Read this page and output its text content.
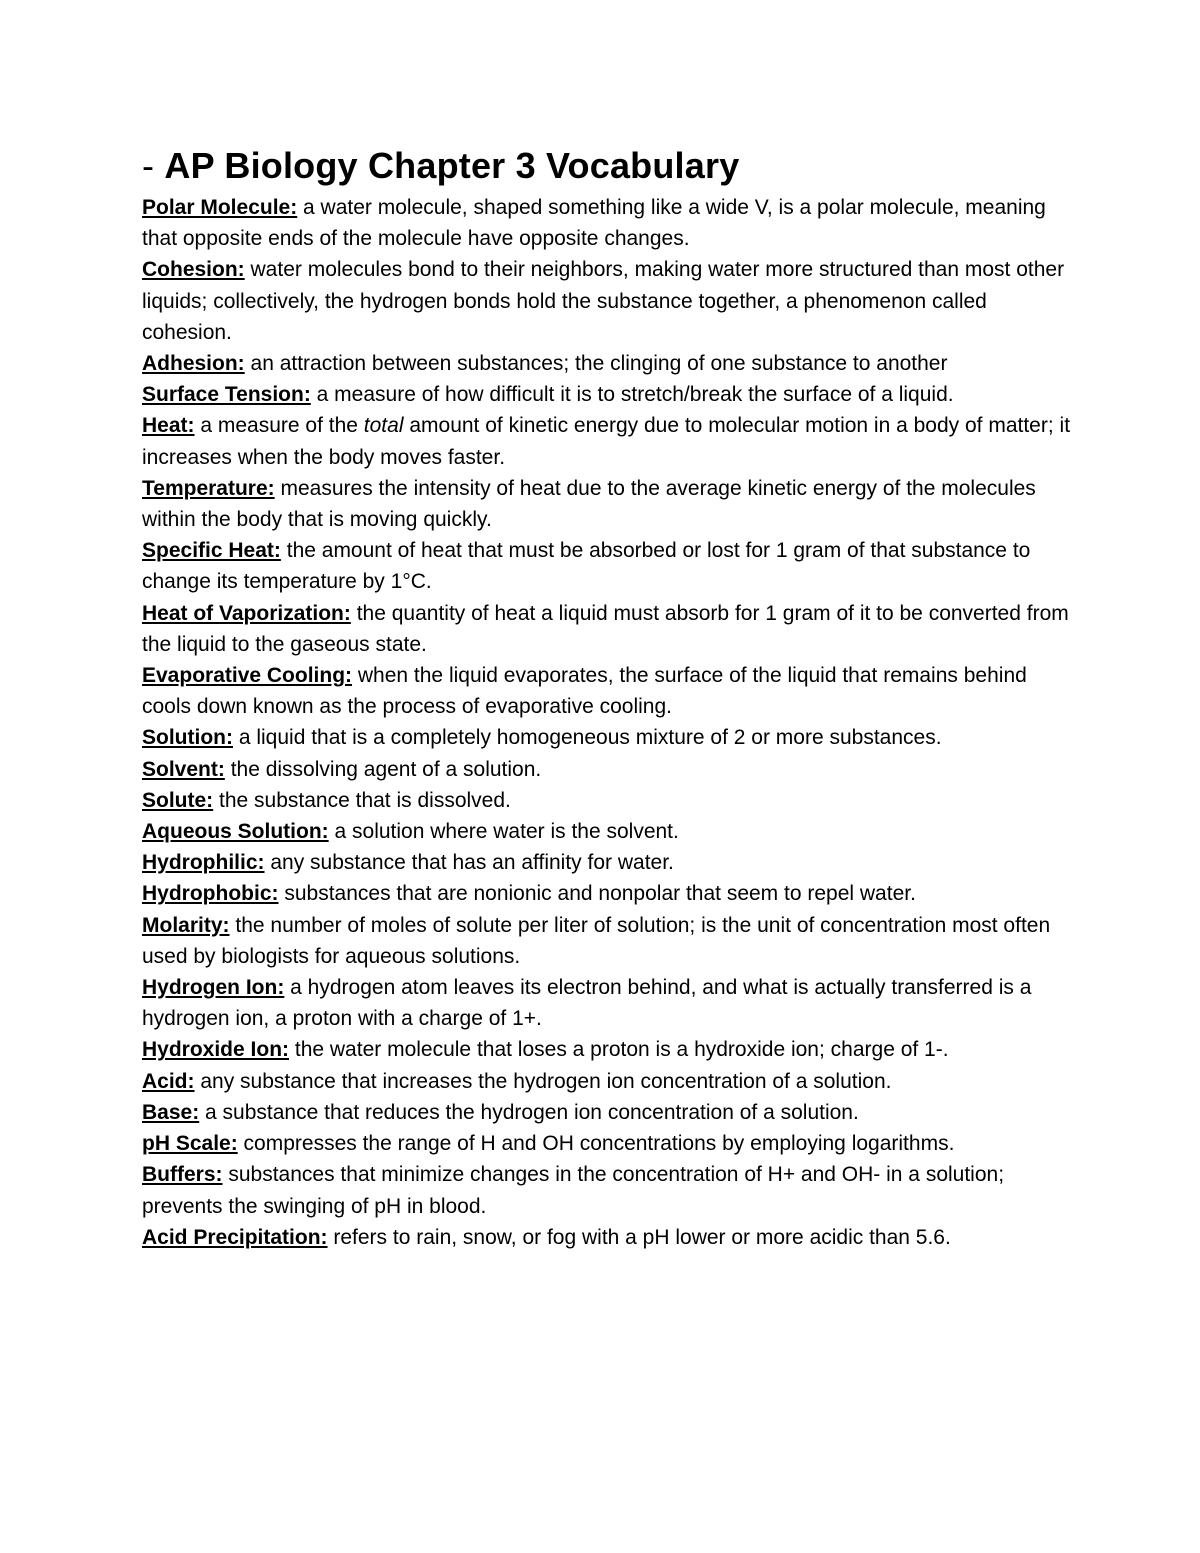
- AP Biology Chapter 3 Vocabulary

Polar Molecule: a water molecule, shaped something like a wide V, is a polar molecule, meaning that opposite ends of the molecule have opposite changes.

Cohesion: water molecules bond to their neighbors, making water more structured than most other liquids; collectively, the hydrogen bonds hold the substance together, a phenomenon called cohesion.

Adhesion: an attraction between substances; the clinging of one substance to another

Surface Tension: a measure of how difficult it is to stretch/break the surface of a liquid.

Heat: a measure of the total amount of kinetic energy due to molecular motion in a body of matter; it increases when the body moves faster.

Temperature: measures the intensity of heat due to the average kinetic energy of the molecules within the body that is moving quickly.

Specific Heat: the amount of heat that must be absorbed or lost for 1 gram of that substance to change its temperature by 1°C.

Heat of Vaporization: the quantity of heat a liquid must absorb for 1 gram of it to be converted from the liquid to the gaseous state.

Evaporative Cooling: when the liquid evaporates, the surface of the liquid that remains behind cools down known as the process of evaporative cooling.

Solution: a liquid that is a completely homogeneous mixture of 2 or more substances.

Solvent: the dissolving agent of a solution.

Solute: the substance that is dissolved.

Aqueous Solution: a solution where water is the solvent.

Hydrophilic: any substance that has an affinity for water.

Hydrophobic: substances that are nonionic and nonpolar that seem to repel water.

Molarity: the number of moles of solute per liter of solution; is the unit of concentration most often used by biologists for aqueous solutions.

Hydrogen Ion: a hydrogen atom leaves its electron behind, and what is actually transferred is a hydrogen ion, a proton with a charge of 1+.

Hydroxide Ion: the water molecule that loses a proton is a hydroxide ion; charge of 1-.

Acid: any substance that increases the hydrogen ion concentration of a solution.

Base: a substance that reduces the hydrogen ion concentration of a solution.

pH Scale: compresses the range of H and OH concentrations by employing logarithms.

Buffers: substances that minimize changes in the concentration of H+ and OH- in a solution; prevents the swinging of pH in blood.

Acid Precipitation: refers to rain, snow, or fog with a pH lower or more acidic than 5.6.
